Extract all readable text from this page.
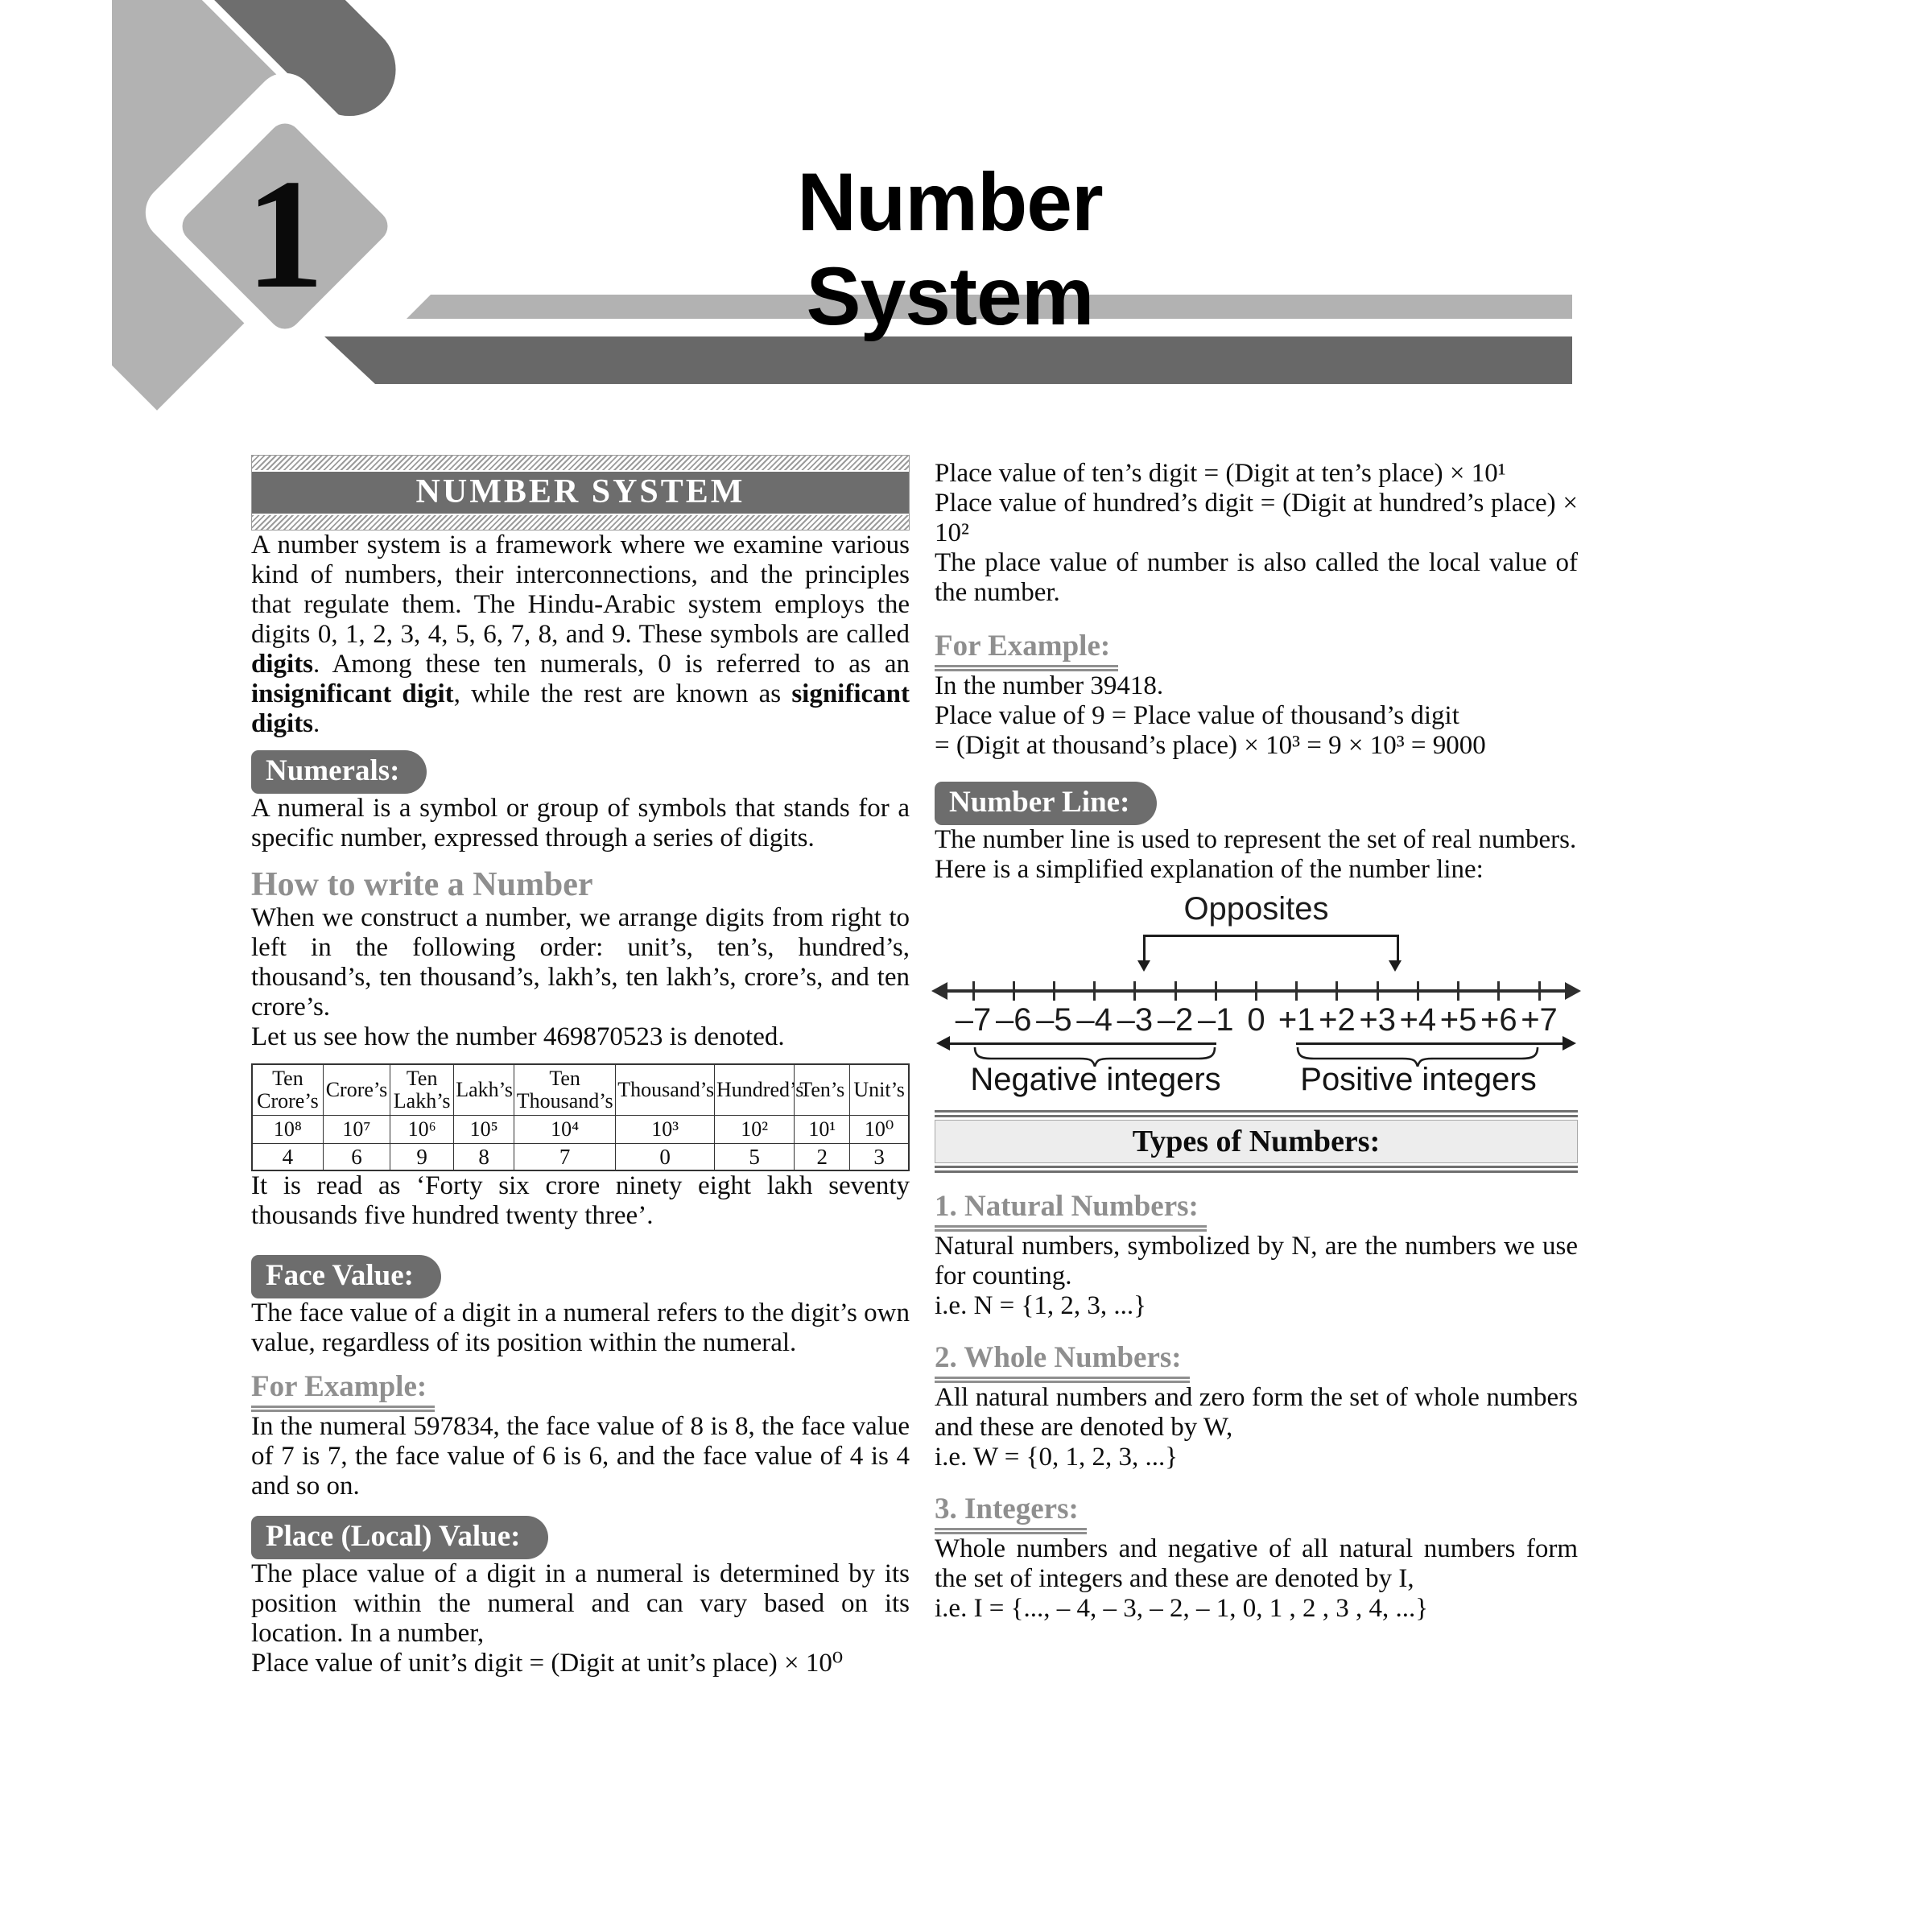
1	Number System
NUMBER SYSTEM

A number system is a framework where we examine various kind of numbers, their interconnections, and the principles that regulate them. The Hindu-Arabic system employs the digits 0, 1, 2, 3, 4, 5, 6, 7, 8, and 9. These symbols are called digits. Among these ten numerals, 0 is referred to as an insignificant digit, while the rest are known as significant digits.

Numerals:

A numeral is a symbol or group of symbols that stands for a specific number, expressed through a series of digits.

How to write a Number

When we construct a number, we arrange digits from right to left in the following order: unit’s, ten’s, hundred’s, thousand’s, ten thousand’s, lakh’s, ten lakh’s, crore’s, and ten crore’s.

Let us see how the number 469870523 is denoted.

Ten Crore’s	Crore’s	Ten Lakh’s	Lakh’s	Ten Thousand’s	Thousand’s	Hundred’s	Ten’s	Unit’s
10⁸	10⁷	10⁶	10⁵	10⁴	10³	10²	10¹	10⁰
4	6	9	8	7	0	5	2	3

It is read as ‘Forty six crore ninety eight lakh seventy thousands five hundred twenty three’.

Face Value:

The face value of a digit in a numeral refers to the digit’s own value, regardless of its position within the numeral.

For Example:

In the numeral 597834, the face value of 8 is 8, the face value of 7 is 7, the face value of 6 is 6, and the face value of 4 is 4 and so on.

Place (Local) Value:

The place value of a digit in a numeral is determined by its position within the numeral and can vary based on its location. In a number,

Place value of unit’s digit = (Digit at unit’s place) × 10⁰

Place value of ten’s digit = (Digit at ten’s place) × 10¹

Place value of hundred’s digit = (Digit at hundred’s place) × 10²

The place value of number is also called the local value of the number.

For Example:

In the number 39418.

Place value of 9 = Place value of thousand’s digit

= (Digit at thousand’s place) × 10³ = 9 × 10³ = 9000

Number Line:

The number line is used to represent the set of real numbers.

Here is a simplified explanation of the number line:

Opposites
–7 –6 –5 –4 –3 –2 –1 0 +1 +2 +3 +4 +5 +6 +7
Negative integers Positive integers
Types of Numbers:
1. Natural Numbers:

Natural numbers, symbolized by N, are the numbers we use for counting.

i.e. N = {1, 2, 3, ...}

2. Whole Numbers:

All natural numbers and zero form the set of whole numbers and these are denoted by W,

i.e. W = {0, 1, 2, 3, ...}

3. Integers:

Whole numbers and negative of all natural numbers form the set of integers and these are denoted by I,

i.e. I = {..., – 4, – 3, – 2, – 1, 0, 1 , 2 , 3 , 4, ...}
